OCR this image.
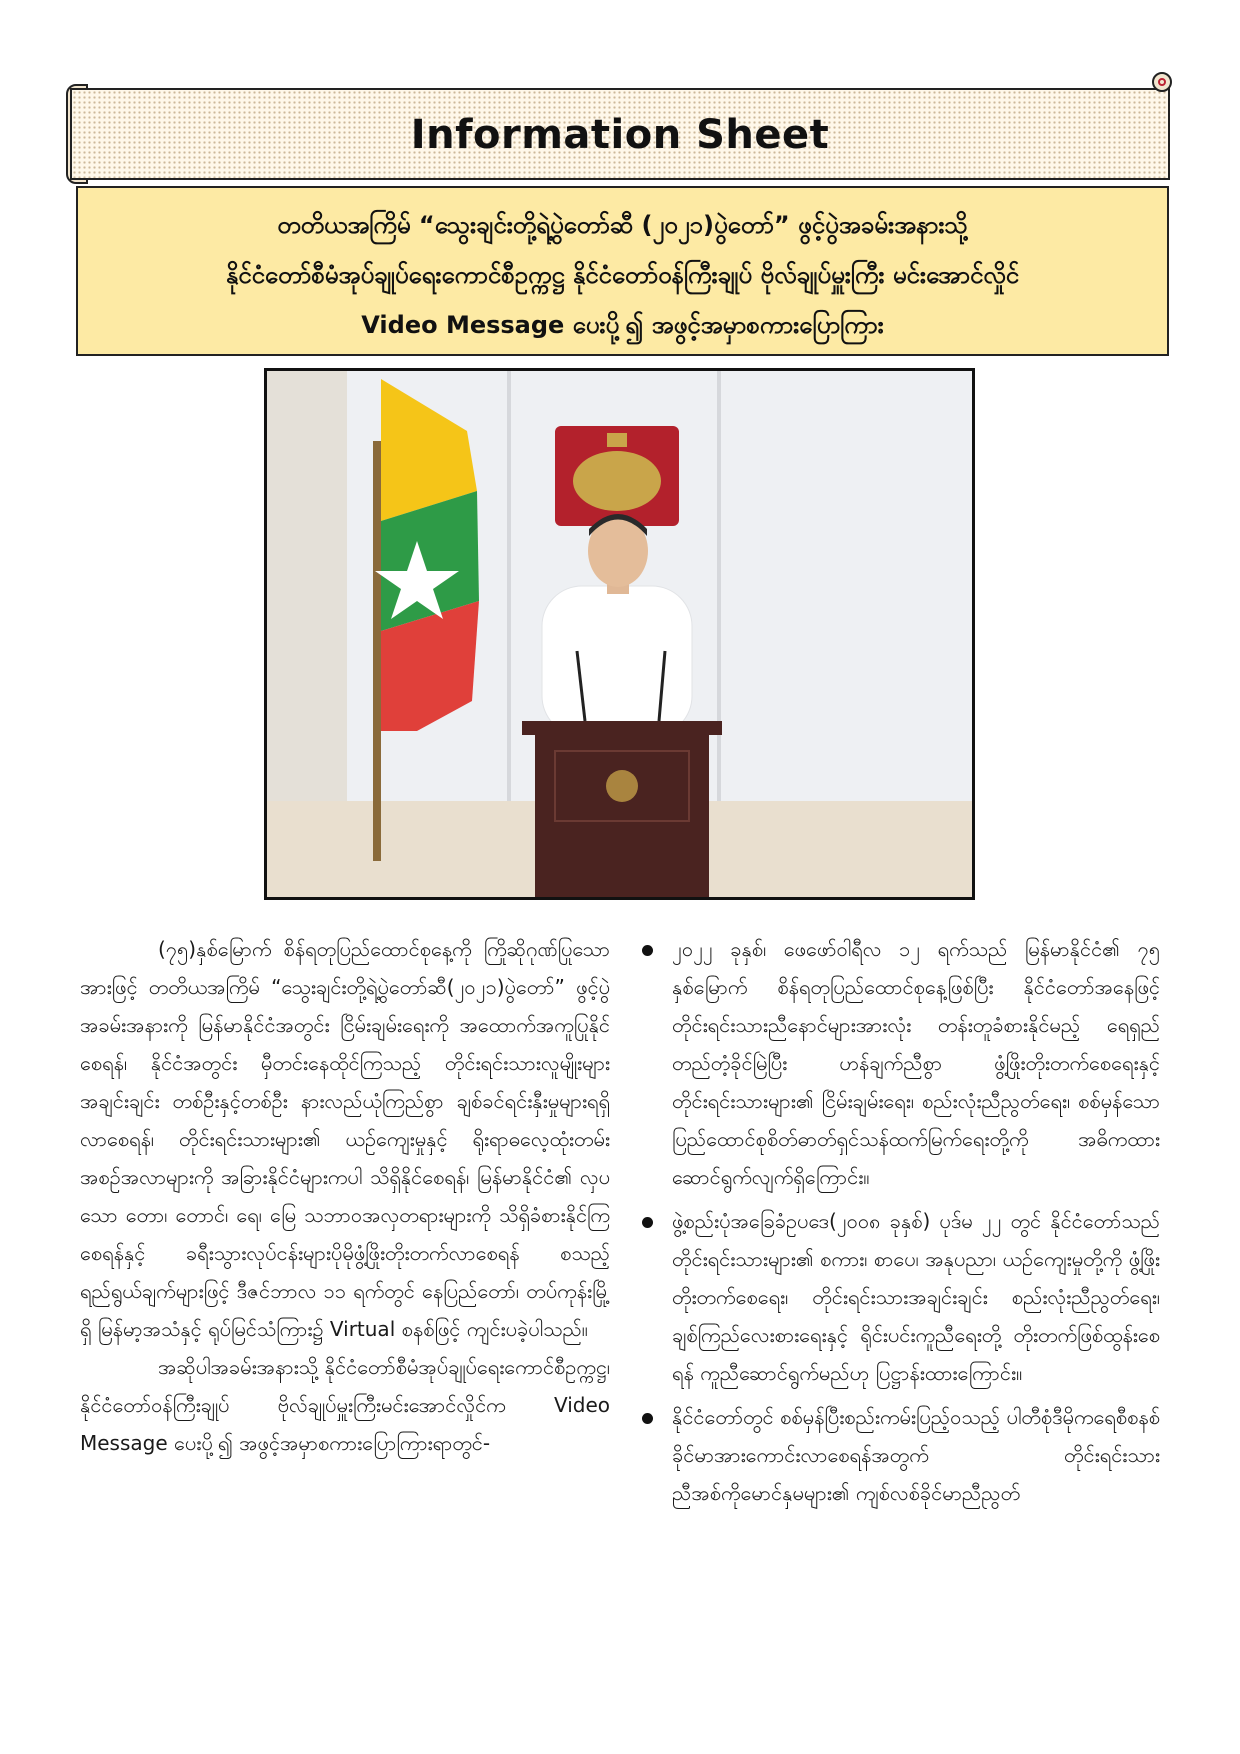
Information Sheet
တတိယအကြိမ် “သွေးချင်းတို့ရဲ့ပွဲတော်ဆီ (၂၀၂၁)ပွဲတော်” ဖွင့်ပွဲအခမ်းအနားသို့
နိုင်ငံတော်စီမံအုပ်ချုပ်ရေးကောင်စီဥက္ကဋ္ဌ နိုင်ငံတော်ဝန်ကြီးချုပ် ဗိုလ်ချုပ်မှူးကြီး မင်းအောင်လှိုင်
Video Message ပေးပို့၍ အဖွင့်အမှာစကားပြောကြား

(၇၅)နှစ်မြောက် စိန်ရတုပြည်ထောင်စုနေ့ကို ကြိုဆိုဂုဏ်ပြုသောအားဖြင့် တတိယအကြိမ် “သွေးချင်းတို့ရဲ့ပွဲတော်ဆီ(၂၀၂၁)ပွဲတော်” ဖွင့်ပွဲအခမ်းအနားကို မြန်မာနိုင်ငံအတွင်း ငြိမ်းချမ်းရေးကို အထောက်အကူပြုနိုင်စေရန်၊ နိုင်ငံအတွင်း မှီတင်းနေထိုင်ကြသည့် တိုင်းရင်းသားလူမျိုးများအချင်းချင်း တစ်ဦးနှင့်တစ်ဦး နားလည်ယုံကြည်စွာ ချစ်ခင်ရင်းနှီးမှုများရရှိလာစေရန်၊ တိုင်းရင်းသားများ၏ ယဉ်ကျေးမှုနှင့် ရိုးရာဓလေ့ထုံးတမ်းအစဉ်အလာများကို အခြားနိုင်ငံများကပါ သိရှိနိုင်စေရန်၊ မြန်မာနိုင်ငံ၏ လှပသော တော၊ တောင်၊ ရေ၊ မြေ သဘာဝအလှတရားများကို သိရှိခံစားနိုင်ကြစေရန်နှင့် ခရီးသွားလုပ်ငန်းများပိုမိုဖွံ့ဖြိုးတိုးတက်လာစေရန် စသည့်ရည်ရွယ်ချက်များဖြင့် ဒီဇင်ဘာလ ၁၁ ရက်တွင် နေပြည်တော်၊ တပ်ကုန်းမြို့ရှိ မြန်မာ့အသံနှင့် ရုပ်မြင်သံကြား၌ Virtual စနစ်ဖြင့် ကျင်းပခဲ့ပါသည်။

အဆိုပါအခမ်းအနားသို့ နိုင်ငံတော်စီမံအုပ်ချုပ်ရေးကောင်စီဥက္ကဋ္ဌ၊ နိုင်ငံတော်ဝန်ကြီးချုပ် ဗိုလ်ချုပ်မှူးကြီးမင်းအောင်လှိုင်က Video Message ပေးပို့၍ အဖွင့်အမှာစကားပြောကြားရာတွင်-

၂၀၂၂ ခုနှစ်၊ ဖေဖော်ဝါရီလ ၁၂ ရက်သည် မြန်မာနိုင်ငံ၏ ၇၅ နှစ်မြောက် စိန်ရတုပြည်ထောင်စုနေ့ဖြစ်ပြီး နိုင်ငံတော်အနေဖြင့် တိုင်းရင်းသားညီနောင်များအားလုံး တန်းတူခံစားနိုင်မည့် ရေရှည်တည်တံ့ခိုင်မြဲပြီး ဟန်ချက်ညီစွာ ဖွံ့ဖြိုးတိုးတက်စေရေးနှင့် တိုင်းရင်းသားများ၏ ငြိမ်းချမ်းရေး၊ စည်းလုံးညီညွတ်ရေး၊ စစ်မှန်သော ပြည်ထောင်စုစိတ်ဓာတ်ရှင်သန်ထက်မြက်ရေးတို့ကို အဓိကထားဆောင်ရွက်လျက်ရှိကြောင်း။
ဖွဲ့စည်းပုံအခြေခံဥပဒေ(၂၀၀၈ ခုနှစ်) ပုဒ်မ ၂၂ တွင် နိုင်ငံတော်သည် တိုင်းရင်းသားများ၏ စကား၊ စာပေ၊ အနုပညာ၊ ယဉ်ကျေးမှုတို့ကို ဖွံ့ဖြိုးတိုးတက်စေရေး၊ တိုင်းရင်းသားအချင်းချင်း စည်းလုံးညီညွတ်ရေး၊ ချစ်ကြည်လေးစားရေးနှင့် ရိုင်းပင်းကူညီရေးတို့ တိုးတက်ဖြစ်ထွန်းစေရန် ကူညီဆောင်ရွက်မည်ဟု ပြဋ္ဌာန်းထားကြောင်း။
နိုင်ငံတော်တွင် စစ်မှန်ပြီးစည်းကမ်းပြည့်ဝသည့် ပါတီစုံဒီမိုကရေစီစနစ် ခိုင်မာအားကောင်းလာစေရန်အတွက် တိုင်းရင်းသားညီအစ်ကိုမောင်နှမများ၏ ကျစ်လစ်ခိုင်မာညီညွတ်
